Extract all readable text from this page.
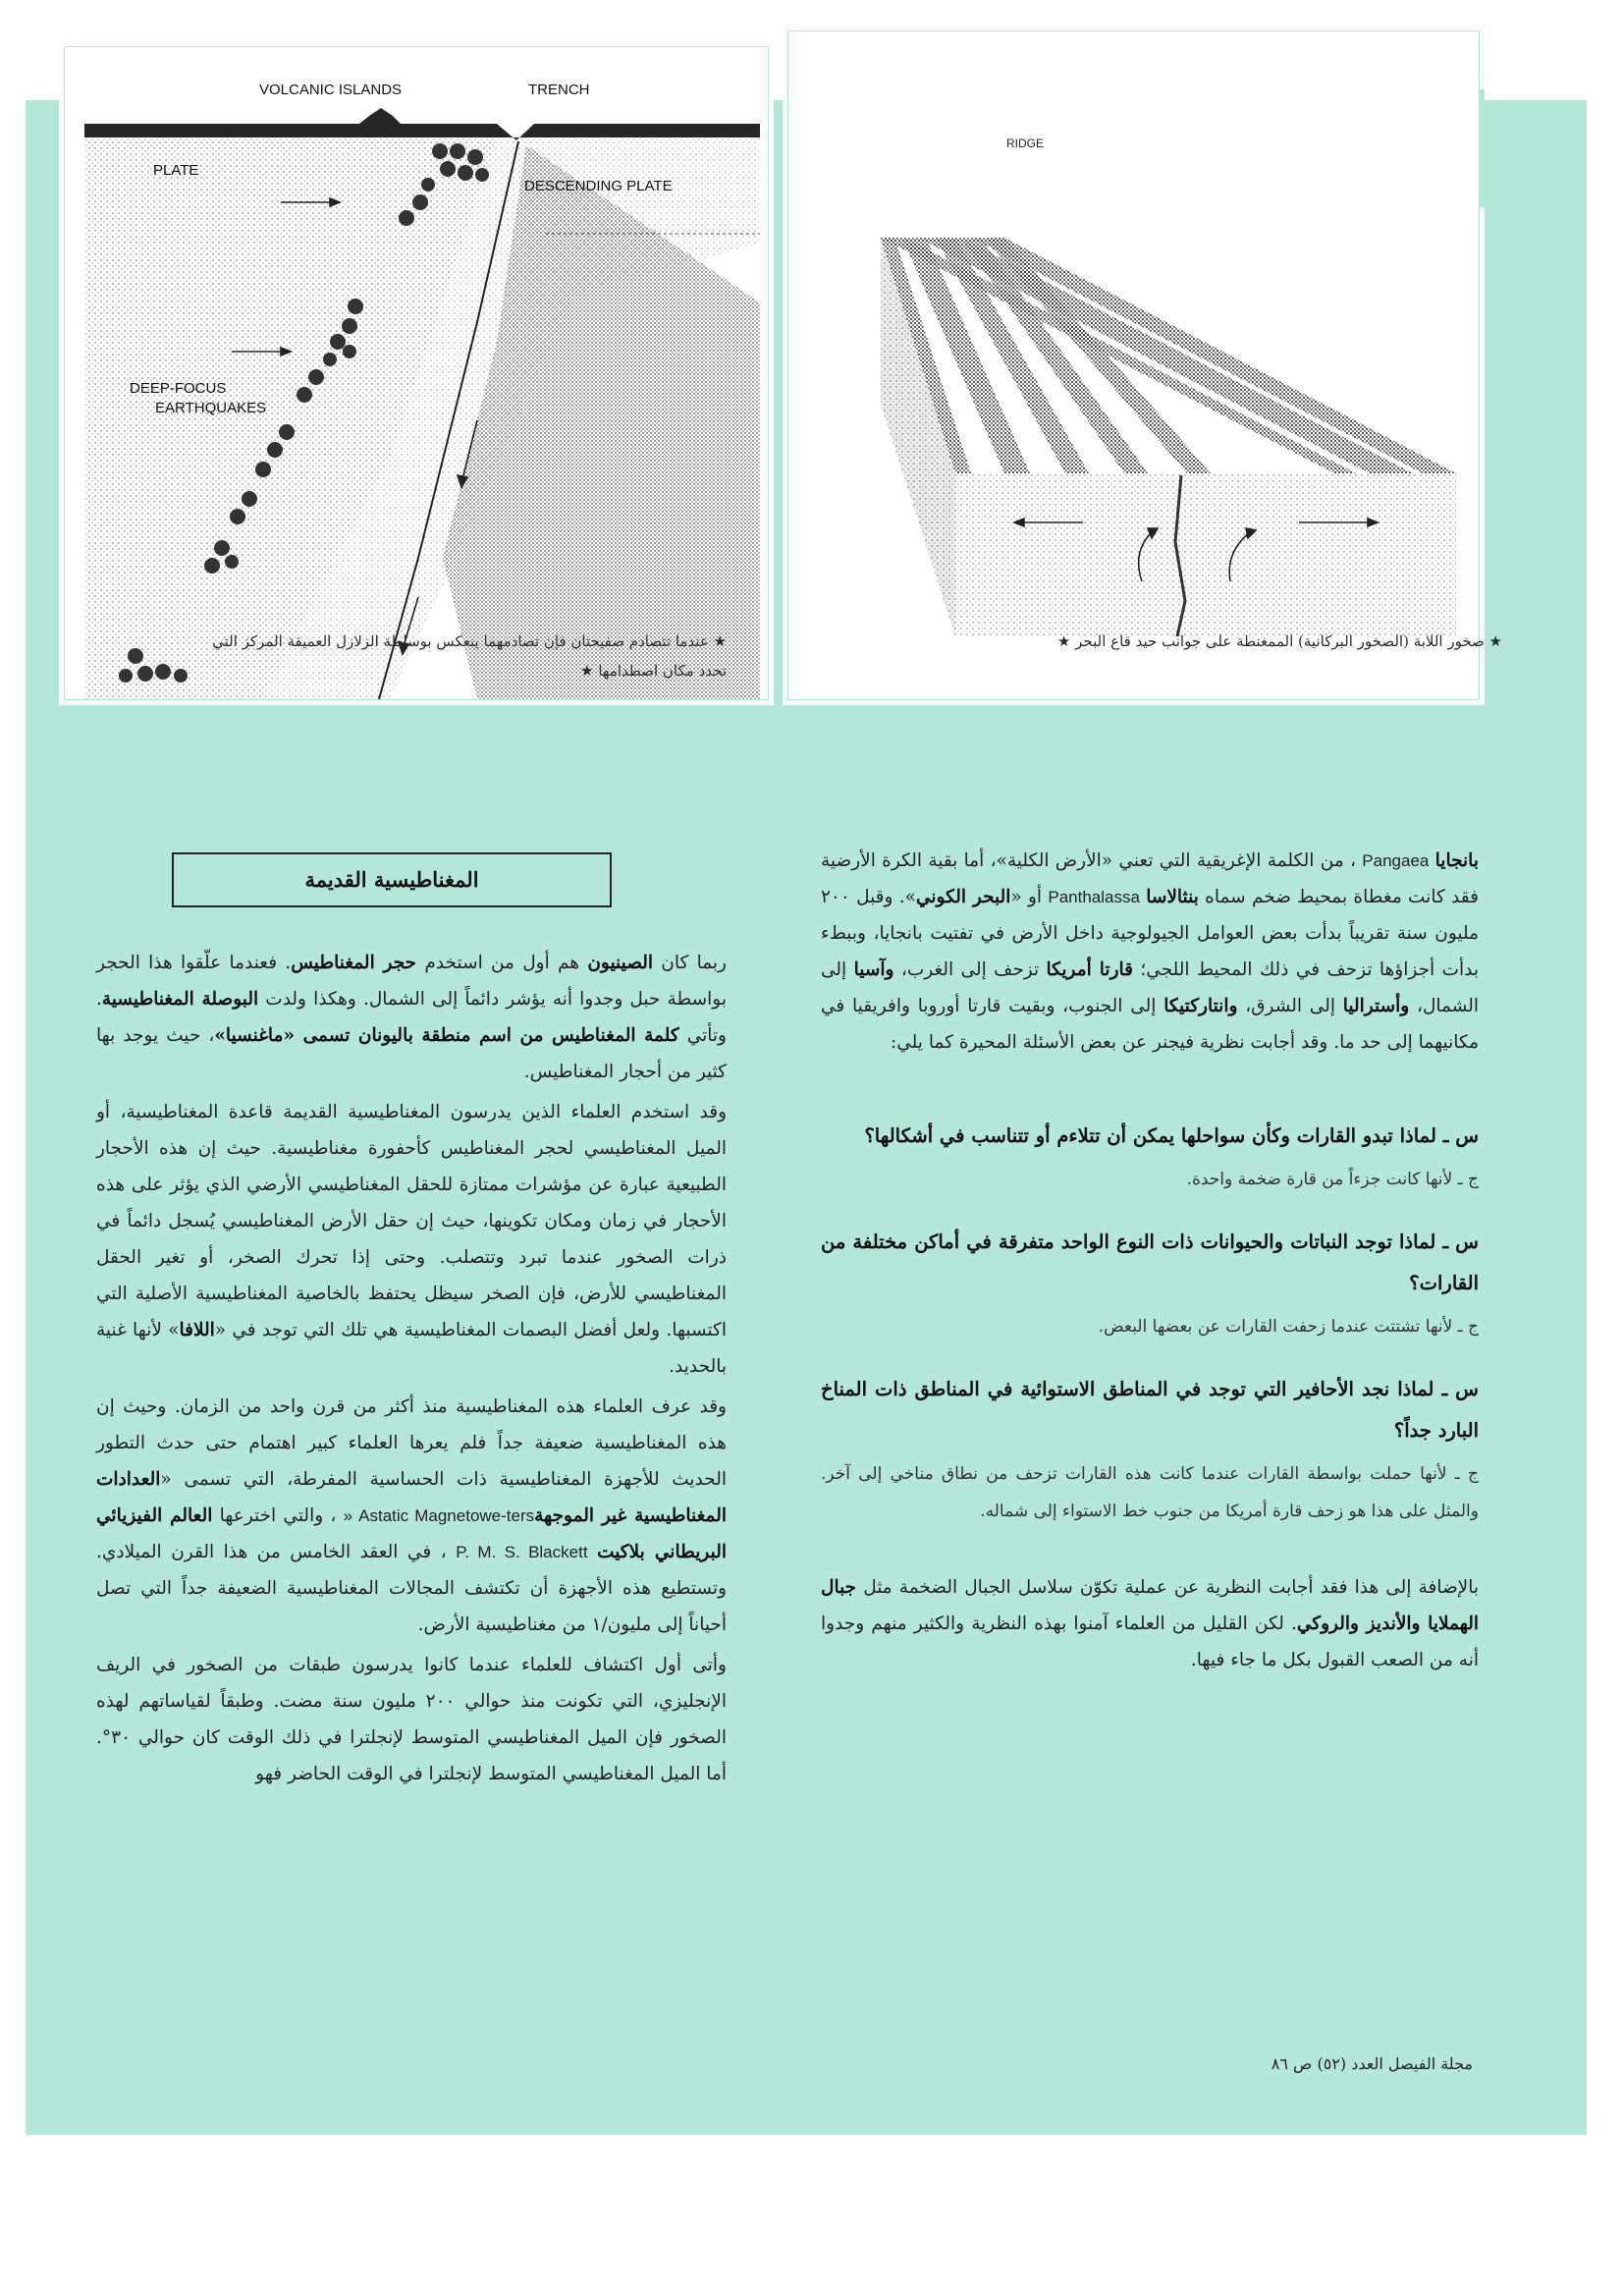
VOLCANIC ISLANDS	TRENCH
PLATE
DESCENDING PLATE
DEEP-FOCUS
EARTHQUAKES
RIDGE
★ عندما تتصادم صفيحتان فإن تصادمهما ينعكس بوساطة الزلازل العميقة المركز التي
تحدد مكان اصطدامها ★
★ صخور اللابة (الصخور البركانية) الممغنطة على جوانب حيد قاع البحر ★

بانجايا Pangaea ، من الكلمة الإغريقية التي تعني «الأرض الكلية»، أما بقية الكرة الأرضية فقد كانت مغطاة بمحيط ضخم سماه بنثالاسا Panthalassa أو «البحر الكوني». وقبل ٢٠٠ مليون سنة تقريباً بدأت بعض العوامل الجيولوجية داخل الأرض في تفتيت بانجايا، وببطء بدأت أجزاؤها تزحف في ذلك المحيط اللجي؛ قارتا أمريكا تزحف إلى الغرب، وآسيا إلى الشمال، وأستراليا إلى الشرق، وانتاركتيكا إلى الجنوب، وبقيت قارتا أوروبا وافريقيا في مكانيهما إلى حد ما. وقد أجابت نظرية فيجنر عن بعض الأسئلة المحيرة كما يلي:

س ـ لماذا تبدو القارات وكأن سواحلها يمكن أن تتلاءم أو تتناسب في أشكالها؟
ج ـ لأنها كانت جزءاً من قارة ضخمة واحدة.
س ـ لماذا توجد النباتات والحيوانات ذات النوع الواحد متفرقة في أماكن مختلفة من القارات؟
ج ـ لأنها تشتتت عندما زحفت القارات عن بعضها البعض.
س ـ لماذا نجد الأحافير التي توجد في المناطق الاستوائية في المناطق ذات المناخ البارد جداً؟
ج ـ لأنها حملت بواسطة القارات عندما كانت هذه القارات تزحف من نطاق مناخي إلى آخر. والمثل على هذا هو زحف قارة أمريكا من جنوب خط الاستواء إلى شماله.

بالإضافة إلى هذا فقد أجابت النظرية عن عملية تكوّن سلاسل الجبال الضخمة مثل جبال الهملايا والأنديز والروكي. لكن القليل من العلماء آمنوا بهذه النظرية والكثير منهم وجدوا أنه من الصعب القبول بكل ما جاء فيها.

المغناطيسية القديمة

ربما كان الصينيون هم أول من استخدم حجر المغناطيس. فعندما علّقوا هذا الحجر بواسطة حبل وجدوا أنه يؤشر دائماً إلى الشمال. وهكذا ولدت البوصلة المغناطيسية. وتأتي كلمة المغناطيس من اسم منطقة باليونان تسمى «ماغنسيا»، حيث يوجد بها كثير من أحجار المغناطيس.

وقد استخدم العلماء الذين يدرسون المغناطيسية القديمة قاعدة المغناطيسية، أو الميل المغناطيسي لحجر المغناطيس كأحفورة مغناطيسية. حيث إن هذه الأحجار الطبيعية عبارة عن مؤشرات ممتازة للحقل المغناطيسي الأرضي الذي يؤثر على هذه الأحجار في زمان ومكان تكوينها، حيث إن حقل الأرض المغناطيسي يُسجل دائماً في ذرات الصخور عندما تبرد وتتصلب. وحتى إذا تحرك الصخر، أو تغير الحقل المغناطيسي للأرض، فإن الصخر سيظل يحتفظ بالخاصية المغناطيسية الأصلية التي اكتسبها. ولعل أفضل البصمات المغناطيسية هي تلك التي توجد في «اللافا» لأنها غنية بالحديد.

وقد عرف العلماء هذه المغناطيسية منذ أكثر من قرن واحد من الزمان. وحيث إن هذه المغناطيسية ضعيفة جداً فلم يعرها العلماء كبير اهتمام حتى حدث التطور الحديث للأجهزة المغناطيسية ذات الحساسية المفرطة، التي تسمى «العدادات المغناطيسية غير الموجهة» Astatic Magnetowe-ters ، والتي اخترعها العالم الفيزيائي البريطاني بلاكيت P. M. S. Blackett ، في العقد الخامس من هذا القرن الميلادي. وتستطيع هذه الأجهزة أن تكتشف المجالات المغناطيسية الضعيفة جداً التي تصل أحياناً إلى مليون/١ من مغناطيسية الأرض.

وأتى أول اكتشاف للعلماء عندما كانوا يدرسون طبقات من الصخور في الريف الإنجليزي، التي تكونت منذ حوالي ٢٠٠ مليون سنة مضت. وطبقاً لقياساتهم لهذه الصخور فإن الميل المغناطيسي المتوسط لإنجلترا في ذلك الوقت كان حوالي ٣٠°. أما الميل المغناطيسي المتوسط لإنجلترا في الوقت الحاضر فهو

مجلة الفيصل العدد (٥٢) ص ٨٦
